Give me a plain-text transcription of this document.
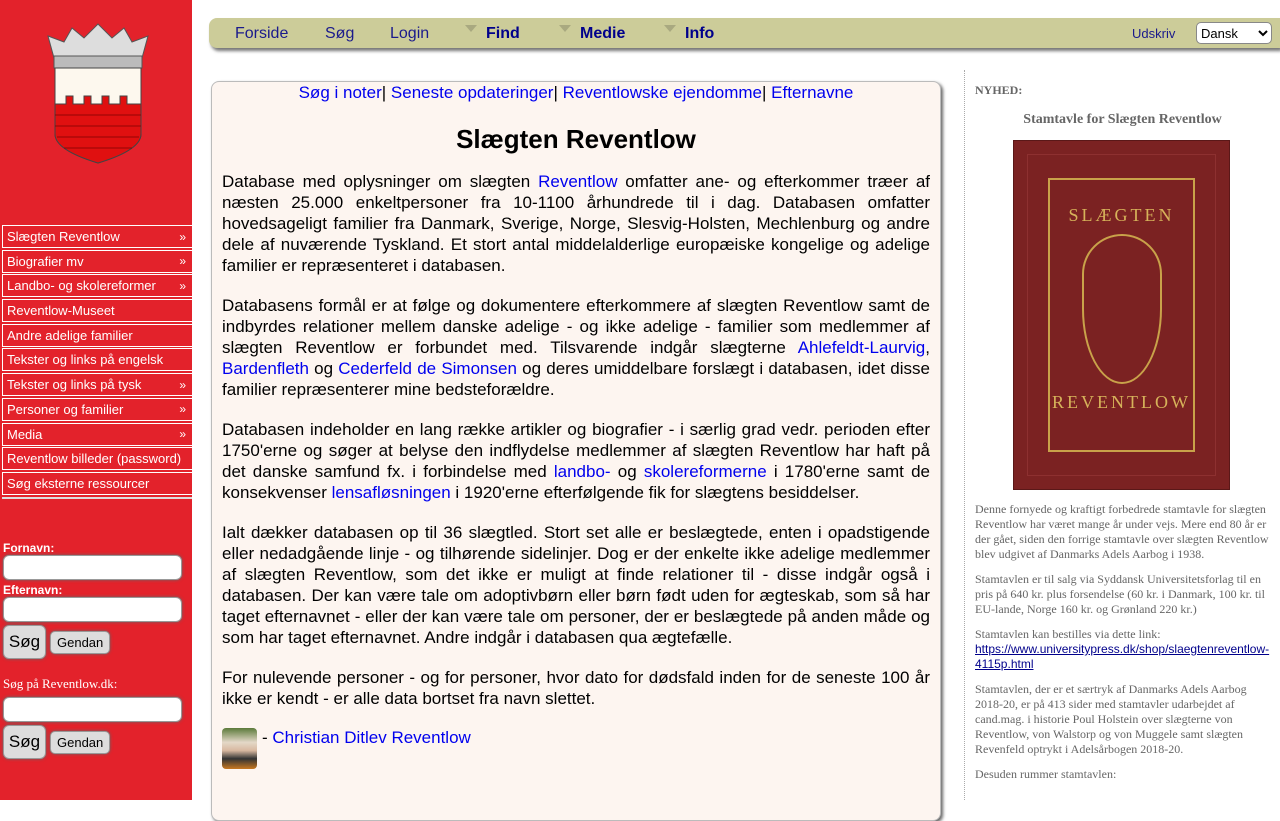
Slægten Reventlow	»
Biografier mv	»
Landbo- og skolereformer »
Reventlow-Museet
Andre adelige familier
Tekster og links på engelsk
Tekster og links på tysk	»
Personer og familier	»
Media	»
Reventlow billeder (password)
Søg eksterne ressourcer
Fornavn:
Efternavn:
Søg	Gendan
Søg på Reventlow.dk:
Søg	Gendan
Forside Søg Login	Find	Medie	Info	Udskriv
Dansk
Søg i noter| Seneste opdateringer| Reventlowske ejendomme| Efternavne
Slægten Reventlow

Database med oplysninger om slægten Reventlow omfatter ane- og efterkommer træer af næsten 25.000 enkeltpersoner fra 10-1100 århundrede til i dag. Databasen omfatter hovedsageligt familier fra Danmark, Sverige, Norge, Slesvig-Holsten, Mechlenburg og andre dele af nuværende Tyskland. Et stort antal middelalderlige europæiske kongelige og adelige familier er repræsenteret i databasen.

Databasens formål er at følge og dokumentere efterkommere af slægten Reventlow samt de indbyrdes relationer mellem danske adelige - og ikke adelige - familier som medlemmer af slægten Reventlow er forbundet med. Tilsvarende indgår slægterne Ahlefeldt-Laurvig, Bardenfleth og Cederfeld de Simonsen og deres umiddelbare forslægt i databasen, idet disse familier repræsenterer mine bedsteforældre.

Databasen indeholder en lang række artikler og biografier - i særlig grad vedr. perioden efter 1750'erne og søger at belyse den indflydelse medlemmer af slægten Reventlow har haft på det danske samfund fx. i forbindelse med landbo- og skolereformerne i 1780'erne samt de konsekvenser lensafløsningen i 1920'erne efterfølgende fik for slægtens besiddelser.

Ialt dækker databasen op til 36 slægtled. Stort set alle er beslægtede, enten i opadstigende eller nedadgående linje - og tilhørende sidelinjer. Dog er der enkelte ikke adelige medlemmer af slægten Reventlow, som det ikke er muligt at finde relationer til - disse indgår også i databasen. Der kan være tale om adoptivbørn eller børn født uden for ægteskab, som så har taget efternavnet - eller der kan være tale om personer, der er beslægtede på anden måde og som har taget efternavnet. Andre indgår i databasen qua ægtefælle.

For nulevende personer - og for personer, hvor dato for dødsfald inden for de seneste 100 år ikke er kendt - er alle data bortset fra navn slettet.

-
Christian Ditlev Reventlow
NYHED:
Stamtavle for Slægten Reventlow
SLÆGTEN
REVENTLOW

Denne fornyede og kraftigt forbedrede stamtavle for slægten Reventlow har været mange år under vejs. Mere end 80 år er der gået, siden den forrige stamtavle over slægten Reventlow blev udgivet af Danmarks Adels Aarbog i 1938.

Stamtavlen er til salg via Syddansk Universitetsforlag til en pris på 640 kr. plus forsendelse (60 kr. i Danmark, 100 kr. til EU-lande, Norge 160 kr. og Grønland 220 kr.)

Stamtavlen kan bestilles via dette link:
https://www.universitypress.dk/shop/slaegtenreventlow-4115p.html

Stamtavlen, der er et særtryk af Danmarks Adels Aarbog 2018-20, er på 413 sider med stamtavler udarbejdet af cand.mag. i historie Poul Holstein over slægterne von Reventlow, von Walstorp og von Muggele samt slægten Revenfeld optrykt i Adelsårbogen 2018-20.

Desuden rummer stamtavlen:
